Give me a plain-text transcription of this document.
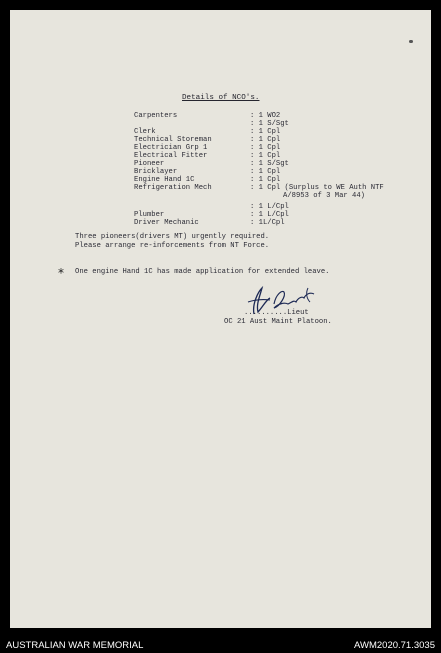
Details of NCO's.
Carpenters	: 1 WO2
: 1 S/Sgt
Clerk	: 1 Cpl
Technical Storeman	: 1 Cpl
Electrician Grp 1	: 1 Cpl
Electrical Fitter	: 1 Cpl
Pioneer	: 1 S/Sgt
Bricklayer	: 1 Cpl
Engine Hand 1C	: 1 Cpl
Refrigeration Mech	: 1 Cpl (Surplus to WE Auth NTF
A/8953 of 3 Mar 44)
: 1 L/Cpl
Plumber	: 1 L/Cpl
Driver Mechanic	: 1L/Cpl
Three pioneers(drivers MT) urgently required.
Please arrange re-inforcements from NT Force.
* One engine Hand 1C has made application for extended leave.
..........Lieut
OC 21 Aust Maint Platoon.
AUSTRALIAN WAR MEMORIAL	AWM2020.71.3035
